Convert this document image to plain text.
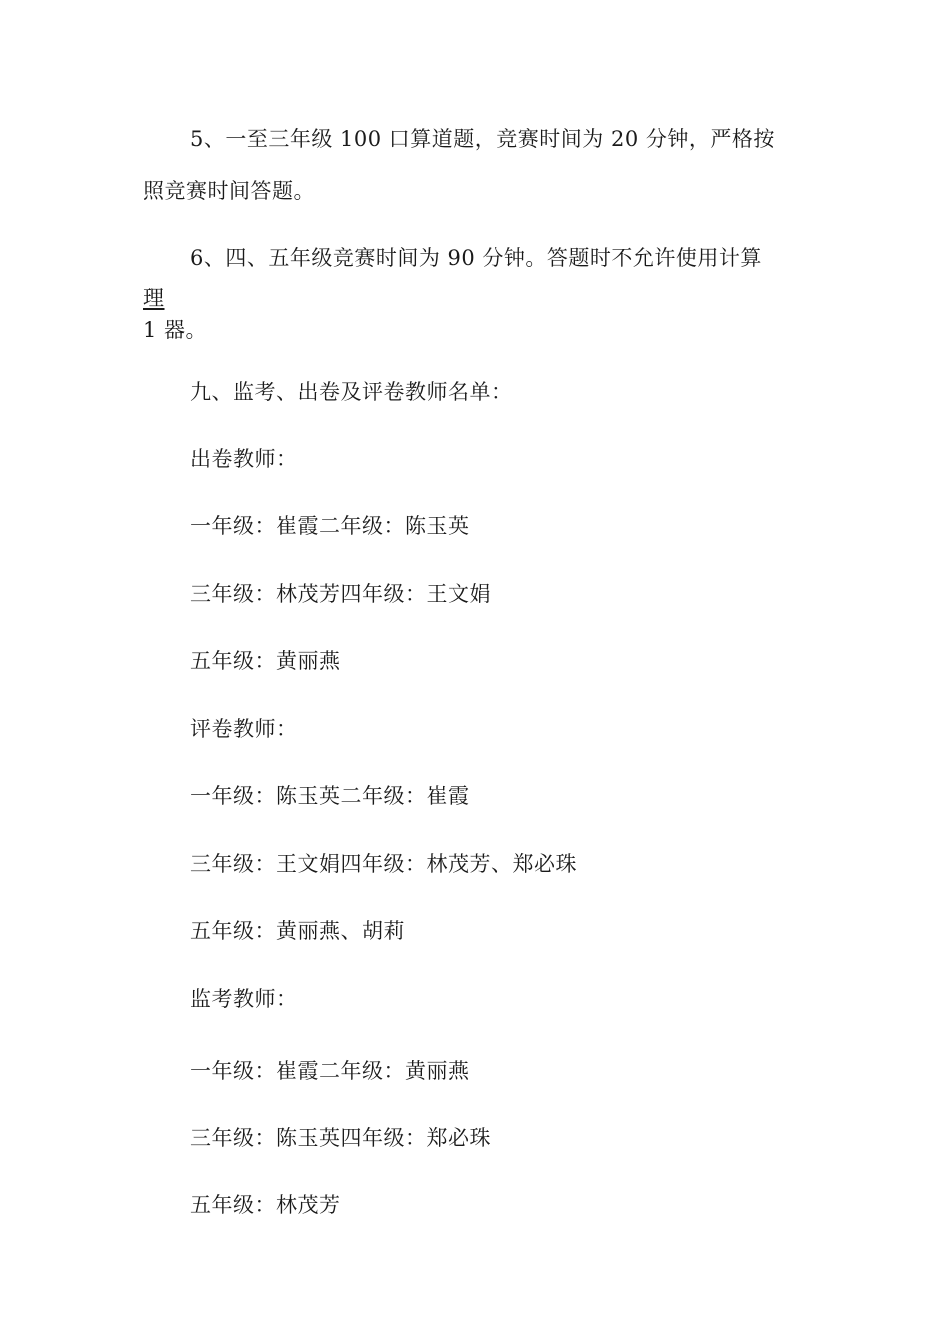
5、一至三年级 100 口算道题，竞赛时间为 20 分钟，严格按
照竞赛时间答题。
6、四、五年级竞赛时间为 90 分钟。答题时不允许使用计算
理
1 器。
九、监考、出卷及评卷教师名单：
出卷教师：
一年级：崔霞二年级：陈玉英
三年级：林茂芳四年级：王文娟
五年级：黄丽燕
评卷教师：
一年级：陈玉英二年级：崔霞
三年级：王文娟四年级：林茂芳、郑必珠
五年级：黄丽燕、胡莉
监考教师：
一年级：崔霞二年级：黄丽燕
三年级：陈玉英四年级：郑必珠
五年级：林茂芳
